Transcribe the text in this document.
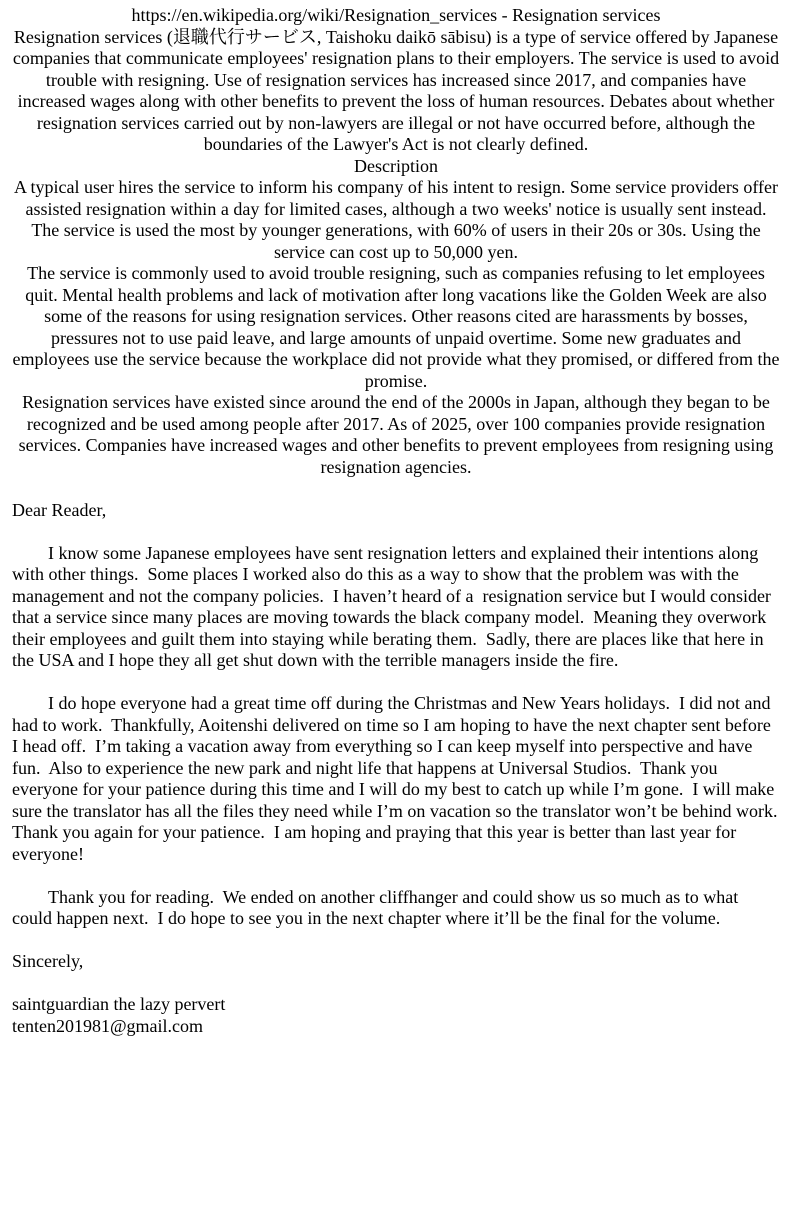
https://en.wikipedia.org/wiki/Resignation_services - Resignation services
Resignation services (退職代行サービス, Taishoku daikō sābisu) is a type of service offered by Japanese companies that communicate employees' resignation plans to their employers. The service is used to avoid trouble with resigning. Use of resignation services has increased since 2017, and companies have increased wages along with other benefits to prevent the loss of human resources. Debates about whether resignation services carried out by non-lawyers are illegal or not have occurred before, although the boundaries of the Lawyer's Act is not clearly defined.
Description
A typical user hires the service to inform his company of his intent to resign. Some service providers offer assisted resignation within a day for limited cases, although a two weeks' notice is usually sent instead. The service is used the most by younger generations, with 60% of users in their 20s or 30s. Using the service can cost up to 50,000 yen.
The service is commonly used to avoid trouble resigning, such as companies refusing to let employees quit. Mental health problems and lack of motivation after long vacations like the Golden Week are also some of the reasons for using resignation services. Other reasons cited are harassments by bosses, pressures not to use paid leave, and large amounts of unpaid overtime. Some new graduates and employees use the service because the workplace did not provide what they promised, or differed from the promise.
Resignation services have existed since around the end of the 2000s in Japan, although they began to be recognized and be used among people after 2017. As of 2025, over 100 companies provide resignation services. Companies have increased wages and other benefits to prevent employees from resigning using resignation agencies.
Dear Reader,
I know some Japanese employees have sent resignation letters and explained their intentions along with other things.  Some places I worked also do this as a way to show that the problem was with the management and not the company policies.  I haven’t heard of a  resignation service but I would consider that a service since many places are moving towards the black company model.  Meaning they overwork their employees and guilt them into staying while berating them.  Sadly, there are places like that here in the USA and I hope they all get shut down with the terrible managers inside the fire.
I do hope everyone had a great time off during the Christmas and New Years holidays.  I did not and had to work.  Thankfully, Aoitenshi delivered on time so I am hoping to have the next chapter sent before I head off.  I’m taking a vacation away from everything so I can keep myself into perspective and have fun.  Also to experience the new park and night life that happens at Universal Studios.  Thank you everyone for your patience during this time and I will do my best to catch up while I’m gone.  I will make sure the translator has all the files they need while I’m on vacation so the translator won’t be behind work.  Thank you again for your patience.  I am hoping and praying that this year is better than last year for everyone!
Thank you for reading.  We ended on another cliffhanger and could show us so much as to what could happen next.  I do hope to see you in the next chapter where it’ll be the final for the volume.
Sincerely,
saintguardian the lazy pervert
tenten201981@gmail.com
